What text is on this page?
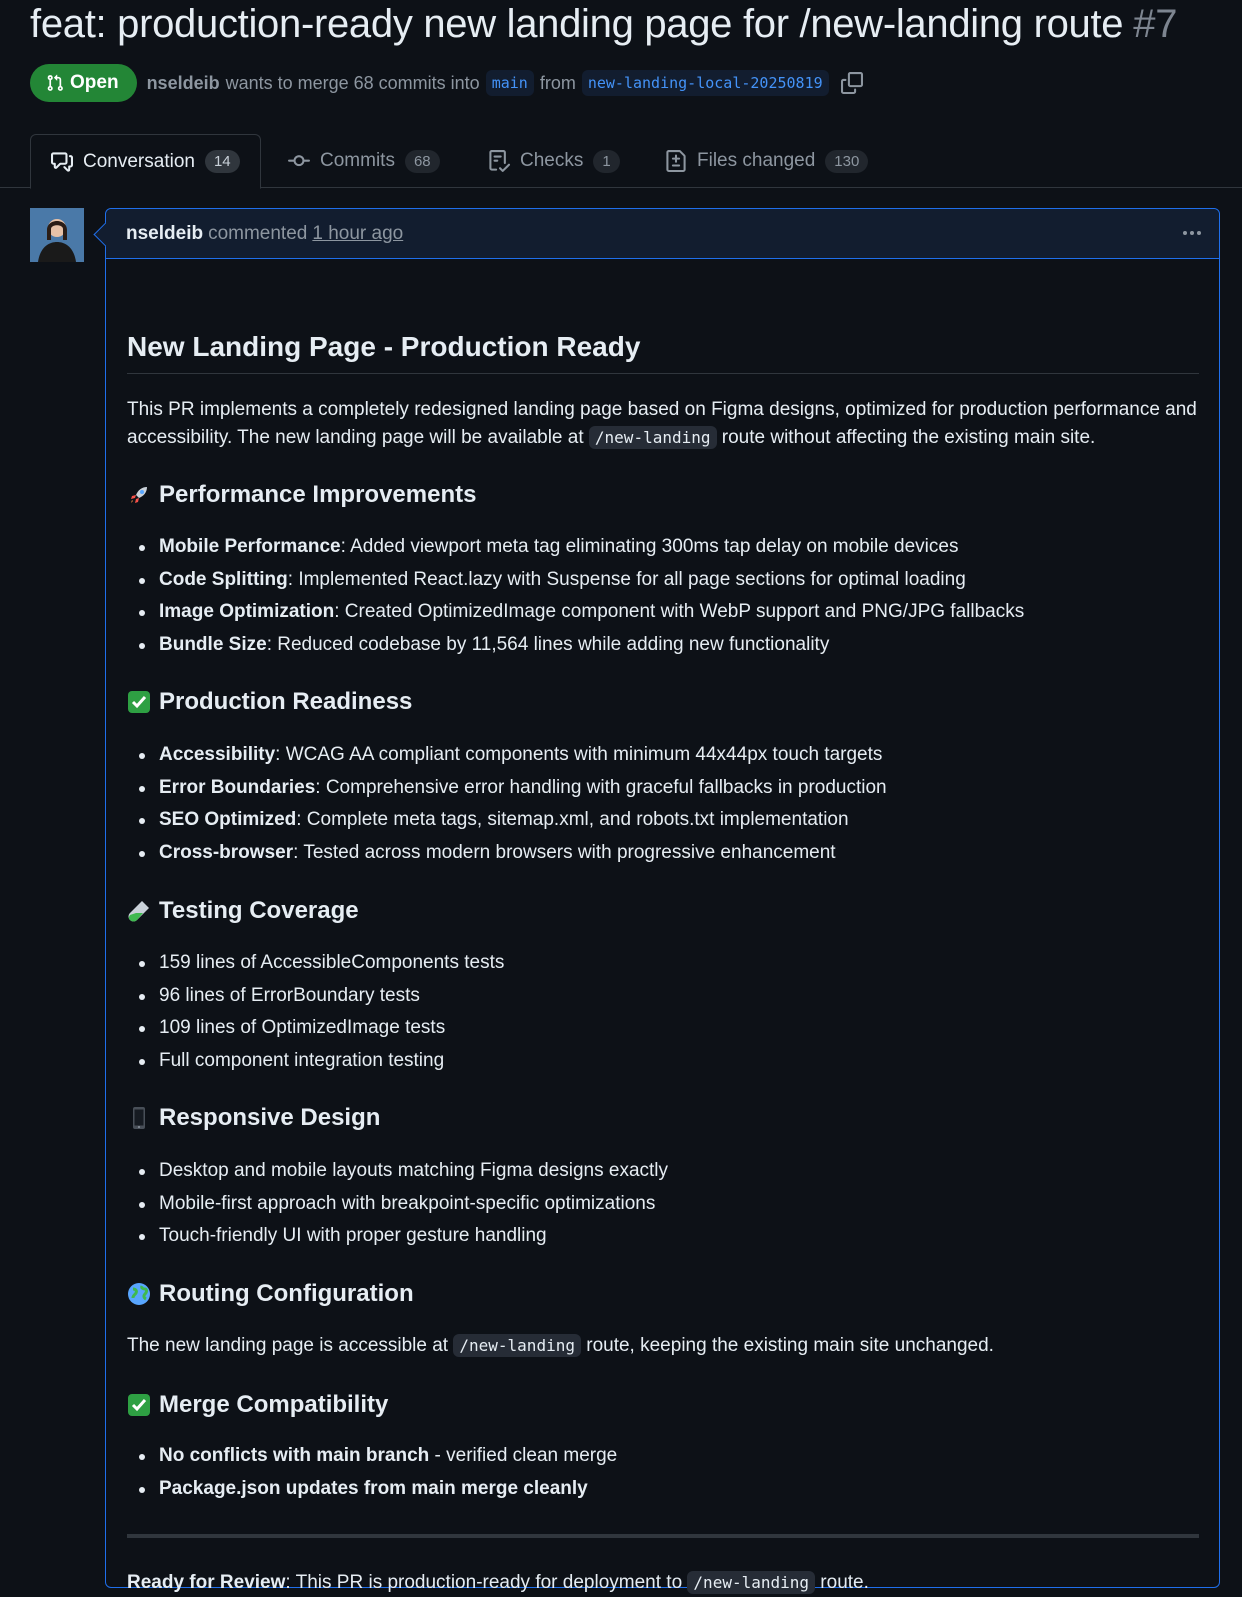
feat: production-ready new landing page for /new-landing route #7
Open nseldeib wants to merge 68 commits into main from new-landing-local-20250819
Conversation	14	Commits	68	Checks	1	Files changed	130
nseldeib commented 1 hour ago
New Landing Page - Production Ready

This PR implements a completely redesigned landing page based on Figma designs, optimized for production performance and accessibility. The new landing page will be available at /new-landing route without affecting the existing main site.

Performance Improvements
Mobile Performance: Added viewport meta tag eliminating 300ms tap delay on mobile devices
Code Splitting: Implemented React.lazy with Suspense for all page sections for optimal loading
Image Optimization: Created OptimizedImage component with WebP support and PNG/JPG fallbacks
Bundle Size: Reduced codebase by 11,564 lines while adding new functionality
Production Readiness
Accessibility: WCAG AA compliant components with minimum 44x44px touch targets
Error Boundaries: Comprehensive error handling with graceful fallbacks in production
SEO Optimized: Complete meta tags, sitemap.xml, and robots.txt implementation
Cross-browser: Tested across modern browsers with progressive enhancement
Testing Coverage
159 lines of AccessibleComponents tests
96 lines of ErrorBoundary tests
109 lines of OptimizedImage tests
Full component integration testing
Responsive Design
Desktop and mobile layouts matching Figma designs exactly
Mobile-first approach with breakpoint-specific optimizations
Touch-friendly UI with proper gesture handling
Routing Configuration

The new landing page is accessible at /new-landing route, keeping the existing main site unchanged.

Merge Compatibility
No conflicts with main branch - verified clean merge
Package.json updates from main merge cleanly

Ready for Review: This PR is production-ready for deployment to /new-landing route.
